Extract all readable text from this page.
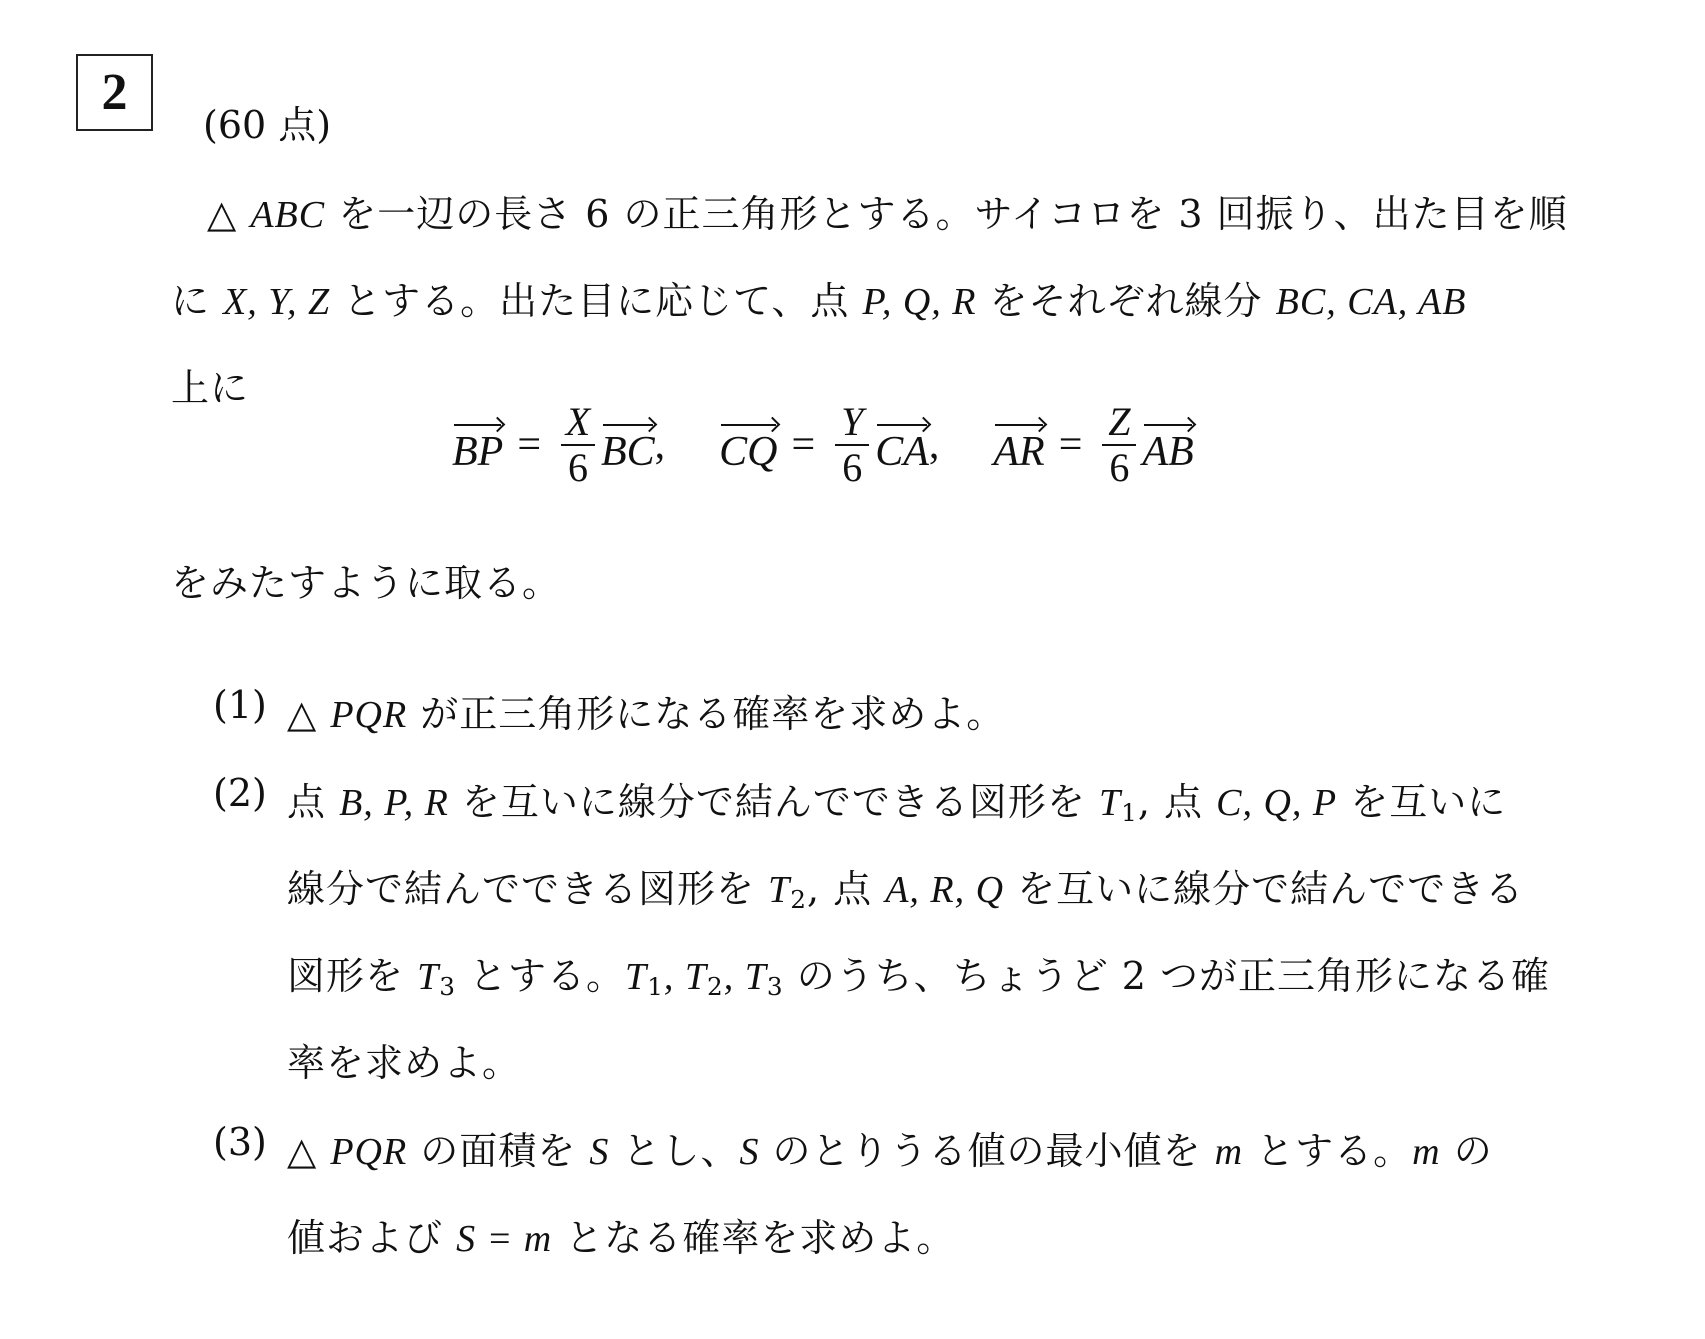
2
(60 点)
△ ABC を一辺の長さ 6 の正三角形とする。サイコロを 3 回振り、出た目を順
に X, Y, Z とする。出た目に応じて、点 P, Q, R をそれぞれ線分 BC, CA, AB
上に
BP = $\frac{X}{6}$ BC , CQ = $\frac{Y}{6}$ CA , AR = $\frac{Z}{6}$ AB
をみたすように取る。
(1) △ PQR が正三角形になる確率を求めよ。
(2) 点 B, P, R を互いに線分で結んでできる図形を $T_1$, 点 C, Q, P を互いに
線分で結んでできる図形を $T_2$, 点 A, R, Q を互いに線分で結んでできる
図形を $T_3$ とする。$T_1$, $T_2$, $T_3$ のうち、ちょうど 2 つが正三角形になる確
率を求めよ。
(3) △ PQR の面積を S とし、S のとりうる値の最小値を m とする。m の
値および S = m となる確率を求めよ。
